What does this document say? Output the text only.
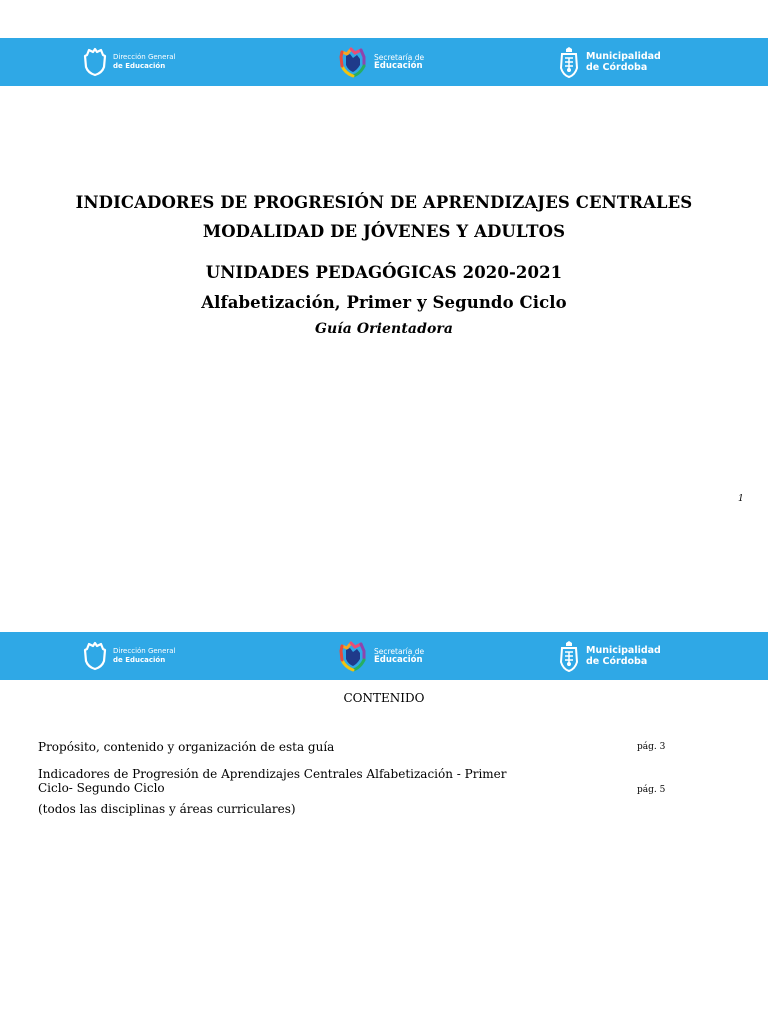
Dirección General
de Educación
Secretaría de
Educación
Municipalidad
de Córdoba

INDICADORES DE PROGRESIÓN DE APRENDIZAJES CENTRALES

MODALIDAD DE JÓVENES Y ADULTOS

UNIDADES PEDAGÓGICAS 2020-2021

Alfabetización, Primer y Segundo Ciclo

Guía Orientadora

1
Dirección General
de Educación
Secretaría de
Educación
Municipalidad
de Córdoba
CONTENIDO
Propósito, contenido y organización de esta guía	pág. 3
Indicadores de Progresión de Aprendizajes Centrales Alfabetización - Primer Ciclo- Segundo Ciclo
(todos las disciplinas y áreas curriculares)
pág. 5
